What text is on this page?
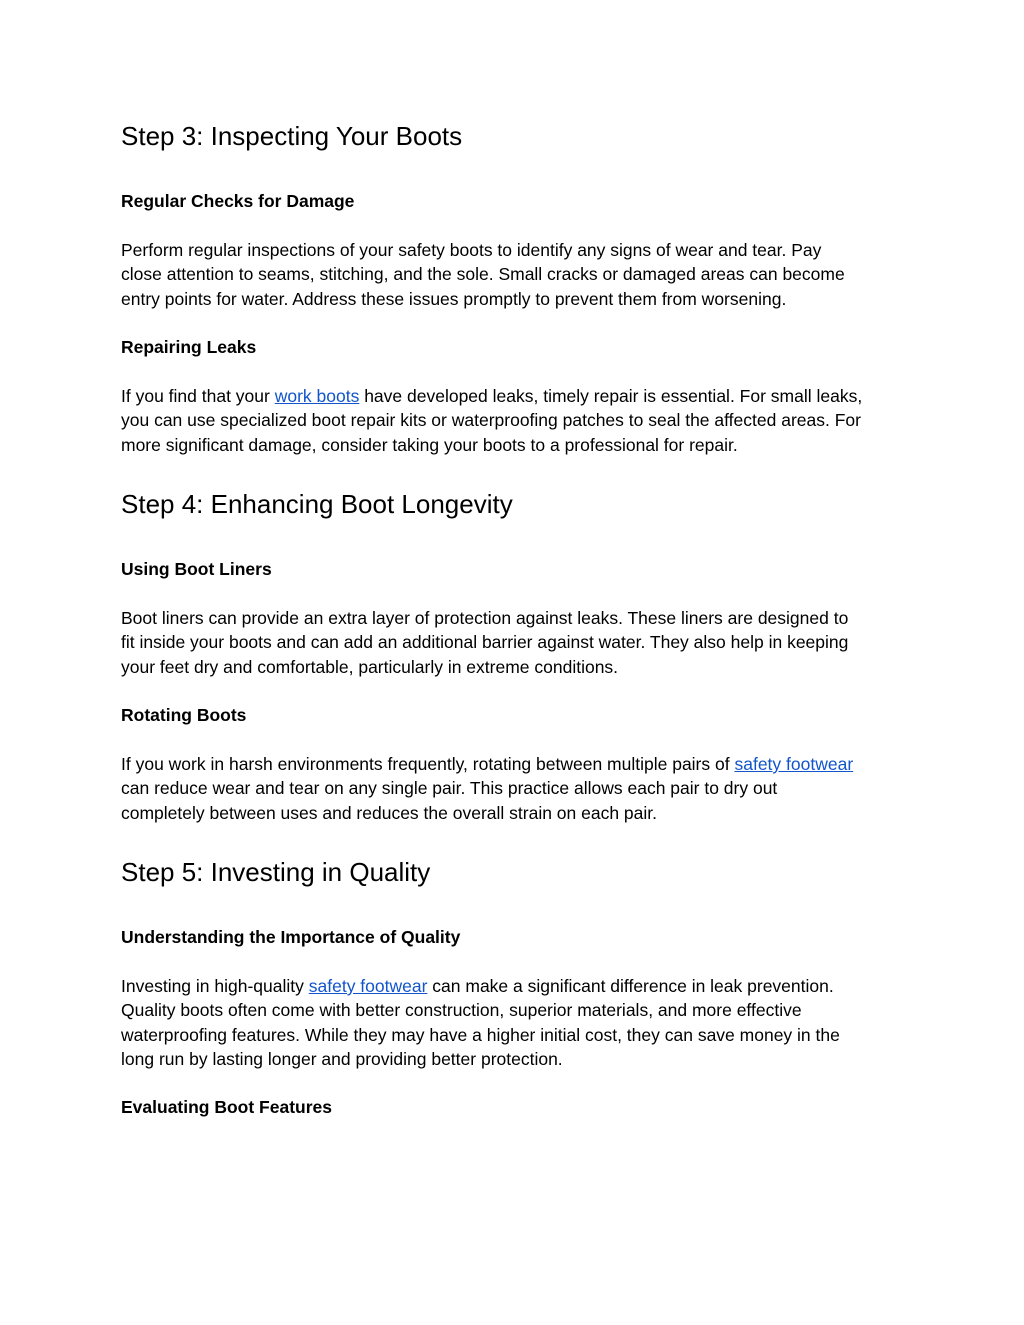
Step 3: Inspecting Your Boots
Regular Checks for Damage

Perform regular inspections of your safety boots to identify any signs of wear and tear. Pay
close attention to seams, stitching, and the sole. Small cracks or damaged areas can become
entry points for water. Address these issues promptly to prevent them from worsening.

Repairing Leaks

If you find that your work boots have developed leaks, timely repair is essential. For small leaks,
you can use specialized boot repair kits or waterproofing patches to seal the affected areas. For
more significant damage, consider taking your boots to a professional for repair.

Step 4: Enhancing Boot Longevity
Using Boot Liners

Boot liners can provide an extra layer of protection against leaks. These liners are designed to
fit inside your boots and can add an additional barrier against water. They also help in keeping
your feet dry and comfortable, particularly in extreme conditions.

Rotating Boots

If you work in harsh environments frequently, rotating between multiple pairs of safety footwear
can reduce wear and tear on any single pair. This practice allows each pair to dry out
completely between uses and reduces the overall strain on each pair.

Step 5: Investing in Quality
Understanding the Importance of Quality

Investing in high-quality safety footwear can make a significant difference in leak prevention.
Quality boots often come with better construction, superior materials, and more effective
waterproofing features. While they may have a higher initial cost, they can save money in the
long run by lasting longer and providing better protection.

Evaluating Boot Features
